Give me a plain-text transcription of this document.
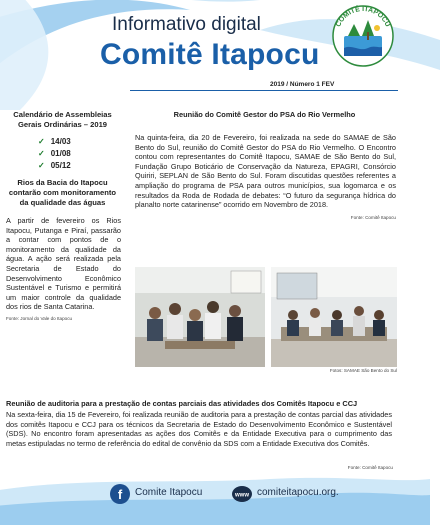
Informativo digital
Comitê Itapocu
COMITÊ ITAPOCU
2019 / Número 1 FEV
Calendário de Assembleias Gerais Ordinárias – 2019
✓ 14/03
✓ 01/08
✓ 05/12
Rios da Bacia do Itapocu contarão com monitoramento da qualidade das águas
A partir de fevereiro os Rios Itapocu, Putanga e Piraí, passarão a contar com pontos de o monitoramento da qualidade da água. A ação será realizada pela Secretaria de Estado do Desenvolvimento Econômico Sustentável e Turismo e permitirá um maior controle da qualidade dos rios de Santa Catarina.
Fonte: Jornal do Vale do Itapocu
Reunião do Comitê Gestor do PSA do Rio Vermelho
Na quinta-feira, dia 20 de Fevereiro, foi realizada na sede do SAMAE de São Bento do Sul, reunião do Comitê Gestor do PSA do Rio Vermelho. O Encontro contou com representantes do Comitê Itapocu, SAMAE de São Bento do Sul, Fundação Grupo Boticário de Conservação da Natureza, EPAGRI, Consórcio Quiriri, SEPLAN de São Bento do Sul. Foram discutidas questões referentes a ampliação do programa de PSA para outros municípios, sua logomarca e os resultados da Roda de Rodada de debates: “O futuro da segurança hídrica do planalto norte catarinense” ocorrido em Novembro de 2018.
Fonte: Comitê Itapocu
Fotos: SAMAE São Bento do Sul
Reunião de auditoria para a prestação de contas parciais das atividades dos Comitês Itapocu e CCJ
Na sexta-feira, dia 15 de Fevereiro, foi realizada reunião de auditoria para a prestação de contas parcial das atividades dos comitês Itapocu e CCJ para os técnicos da Secretaria de Estado do Desenvolvimento Econômico e Sustentável (SDS). No encontro foram apresentadas as ações dos Comitês e da Entidade Executiva para o cumprimento das metas estipuladas no termo de referência do edital de convênio da SDS com a Entidade Executiva dos Comitês.
Fonte: Comitê Itapocu
f	Comite Itapocu	www comiteitapocu.org.
